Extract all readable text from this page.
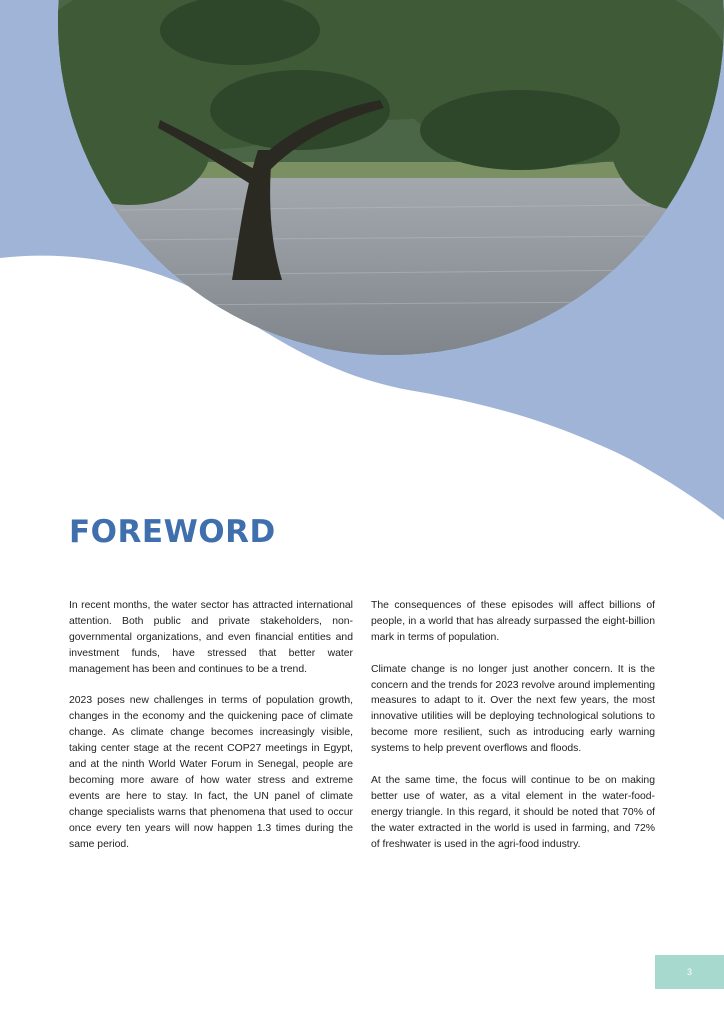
FOREWORD

In recent months, the water sector has attracted international attention. Both public and private stakeholders, non-governmental organizations, and even financial entities and investment funds, have stressed that better water management has been and continues to be a trend.

2023 poses new challenges in terms of population growth, changes in the economy and the quickening pace of climate change. As climate change becomes increasingly visible, taking center stage at the recent COP27 meetings in Egypt, and at the ninth World Water Forum in Senegal, people are becoming more aware of how water stress and extreme events are here to stay. In fact, the UN panel of climate change specialists warns that phenomena that used to occur once every ten years will now happen 1.3 times during the same period.

The consequences of these episodes will affect billions of people, in a world that has already surpassed the eight-billion mark in terms of population.

Climate change is no longer just another concern. It is the concern and the trends for 2023 revolve around implementing measures to adapt to it. Over the next few years, the most innovative utilities will be deploying technological solutions to become more resilient, such as introducing early warning systems to help prevent overflows and floods.

At the same time, the focus will continue to be on making better use of water, as a vital element in the water-food-energy triangle. In this regard, it should be noted that 70% of the water extracted in the world is used in farming, and 72% of freshwater is used in the agri-food industry.

3
